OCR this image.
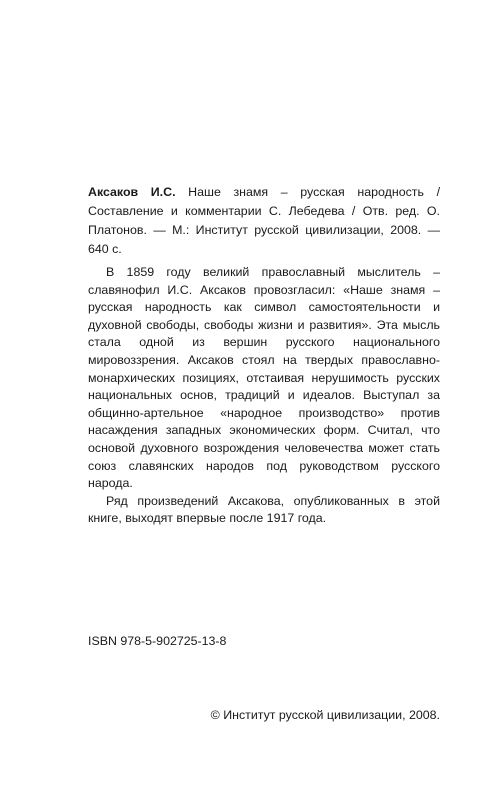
Аксаков И.С. Наше знамя – русская народность / Составление и комментарии С. Лебедева / Отв. ред. О. Платонов. — М.: Институт русской цивилизации, 2008. — 640 с.

В 1859 году великий православный мыслитель – славянофил И.С. Аксаков провозгласил: «Наше знамя – русская народность как символ самостоятельности и духовной свободы, свободы жизни и развития». Эта мысль стала одной из вершин русского национального мировоззрения. Аксаков стоял на твердых православно-монархических позициях, отстаивая нерушимость русских национальных основ, традиций и идеалов. Выступал за общинно-артельное «народное производство» против насаждения западных экономических форм. Считал, что основой духовного возрождения человечества может стать союз славянских народов под руководством русского народа.

Ряд произведений Аксакова, опубликованных в этой книге, выходят впервые после 1917 года.

ISBN 978-5-902725-13-8

© Институт русской цивилизации, 2008.
